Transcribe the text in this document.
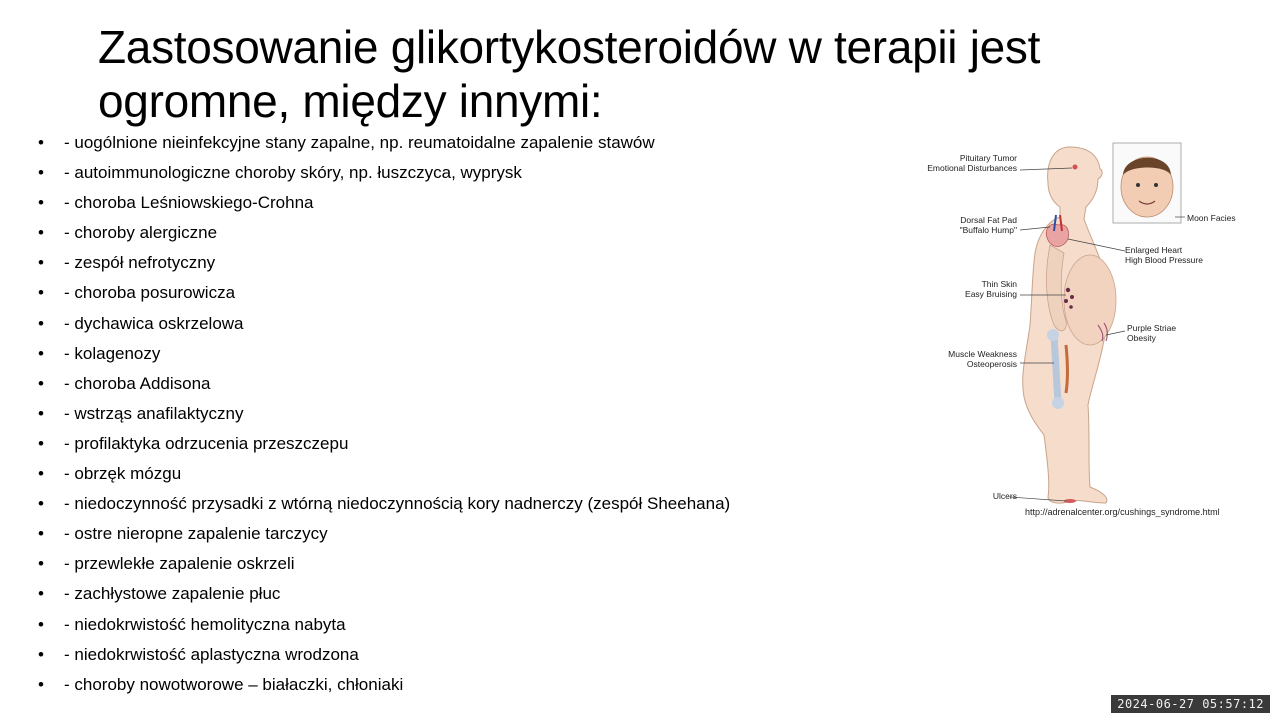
Zastosowanie glikortykosteroidów w terapii jest
ogromne, między innymi:
•	- uogólnione nieinfekcyjne stany zapalne, np. reumatoidalne zapalenie stawów
•	- autoimmunologiczne choroby skóry, np. łuszczyca, wyprysk
•	- choroba Leśniowskiego-Crohna
•	- choroby alergiczne
•	- zespół nefrotyczny
•	- choroba posurowicza
•	- dychawica oskrzelowa
•	- kolagenozy
•	- choroba Addisona
•	- wstrząs anafilaktyczny
•	- profilaktyka odrzucenia przeszczepu
•	- obrzęk mózgu
•	- niedoczynność przysadki z wtórną niedoczynnością kory nadnerczy (zespół Sheehana)
•	- ostre nieropne zapalenie tarczycy
•	- przewlekłe zapalenie oskrzeli
•	- zachłystowe zapalenie płuc
•	- niedokrwistość hemolityczna nabyta
•	- niedokrwistość aplastyczna wrodzona
•	- choroby nowotworowe – białaczki, chłoniaki
Pituitary Tumor
Emotional Disturbances
Dorsal Fat Pad
"Buffalo Hump"
Thin Skin
Easy Bruising
Muscle Weakness
Osteoperosis
Ulcers
Moon Facies
Enlarged Heart
High Blood Pressure
Purple Striae
Obesity
http://adrenalcenter.org/cushings_syndrome.html
2024-06-27 05:57:12
